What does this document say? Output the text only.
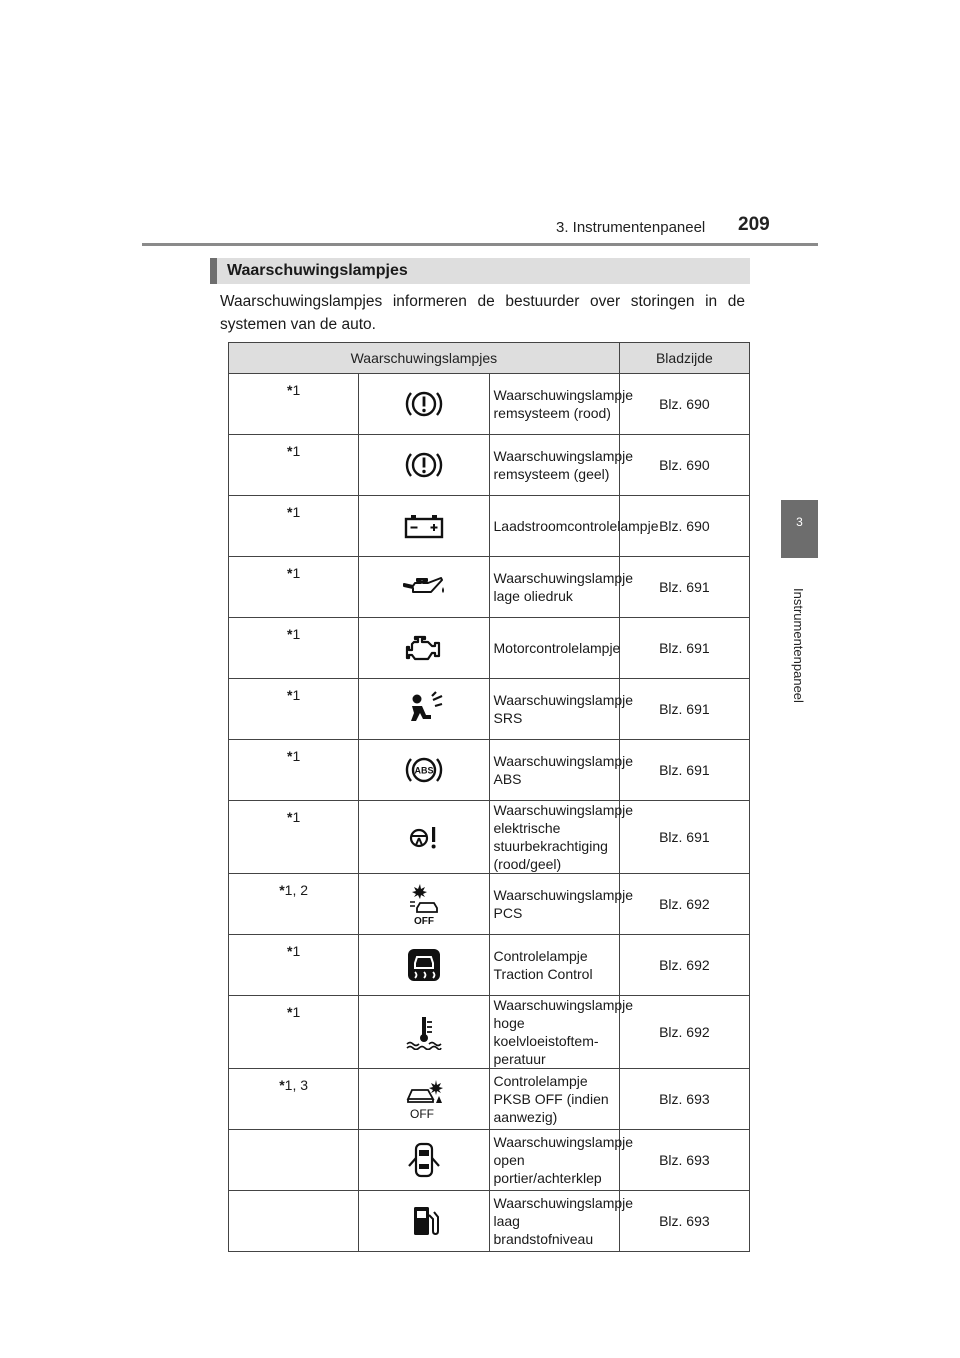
3. Instrumentenpaneel 209
3
Instrumentenpaneel
Waarschuwingslampjes
Waarschuwingslampjes informeren de bestuurder over storingen in de systemen van de auto.
Waarschuwingslampjes			Bladzijde
*1		Waarschuwingslampje remsysteem (rood)	Blz. 690
*1		Waarschuwingslampje remsysteem (geel)	Blz. 690
*1		Laadstroomcontrolelampje	Blz. 690
*1		Waarschuwingslampje lage oliedruk	Blz. 691
*1		Motorcontrolelampje	Blz. 691
*1		Waarschuwingslampje SRS	Blz. 691
*1	ABS	Waarschuwingslampje ABS	Blz. 691
*1		Waarschuwingslampje elektrische stuurbekrachtiging (rood/geel)	Blz. 691
*1, 2	OFF	Waarschuwingslampje PCS	Blz. 692
*1		Controlelampje Traction Control	Blz. 692
*1		Waarschuwingslampje hoge koelvloeistoftem-peratuur	Blz. 692
*1, 3	OFF	Controlelampje PKSB OFF (indien aanwezig)	Blz. 693

	Waarschuwingslampje open portier/achterklep	Blz. 693

	Waarschuwingslampje laag brandstofniveau	Blz. 693
